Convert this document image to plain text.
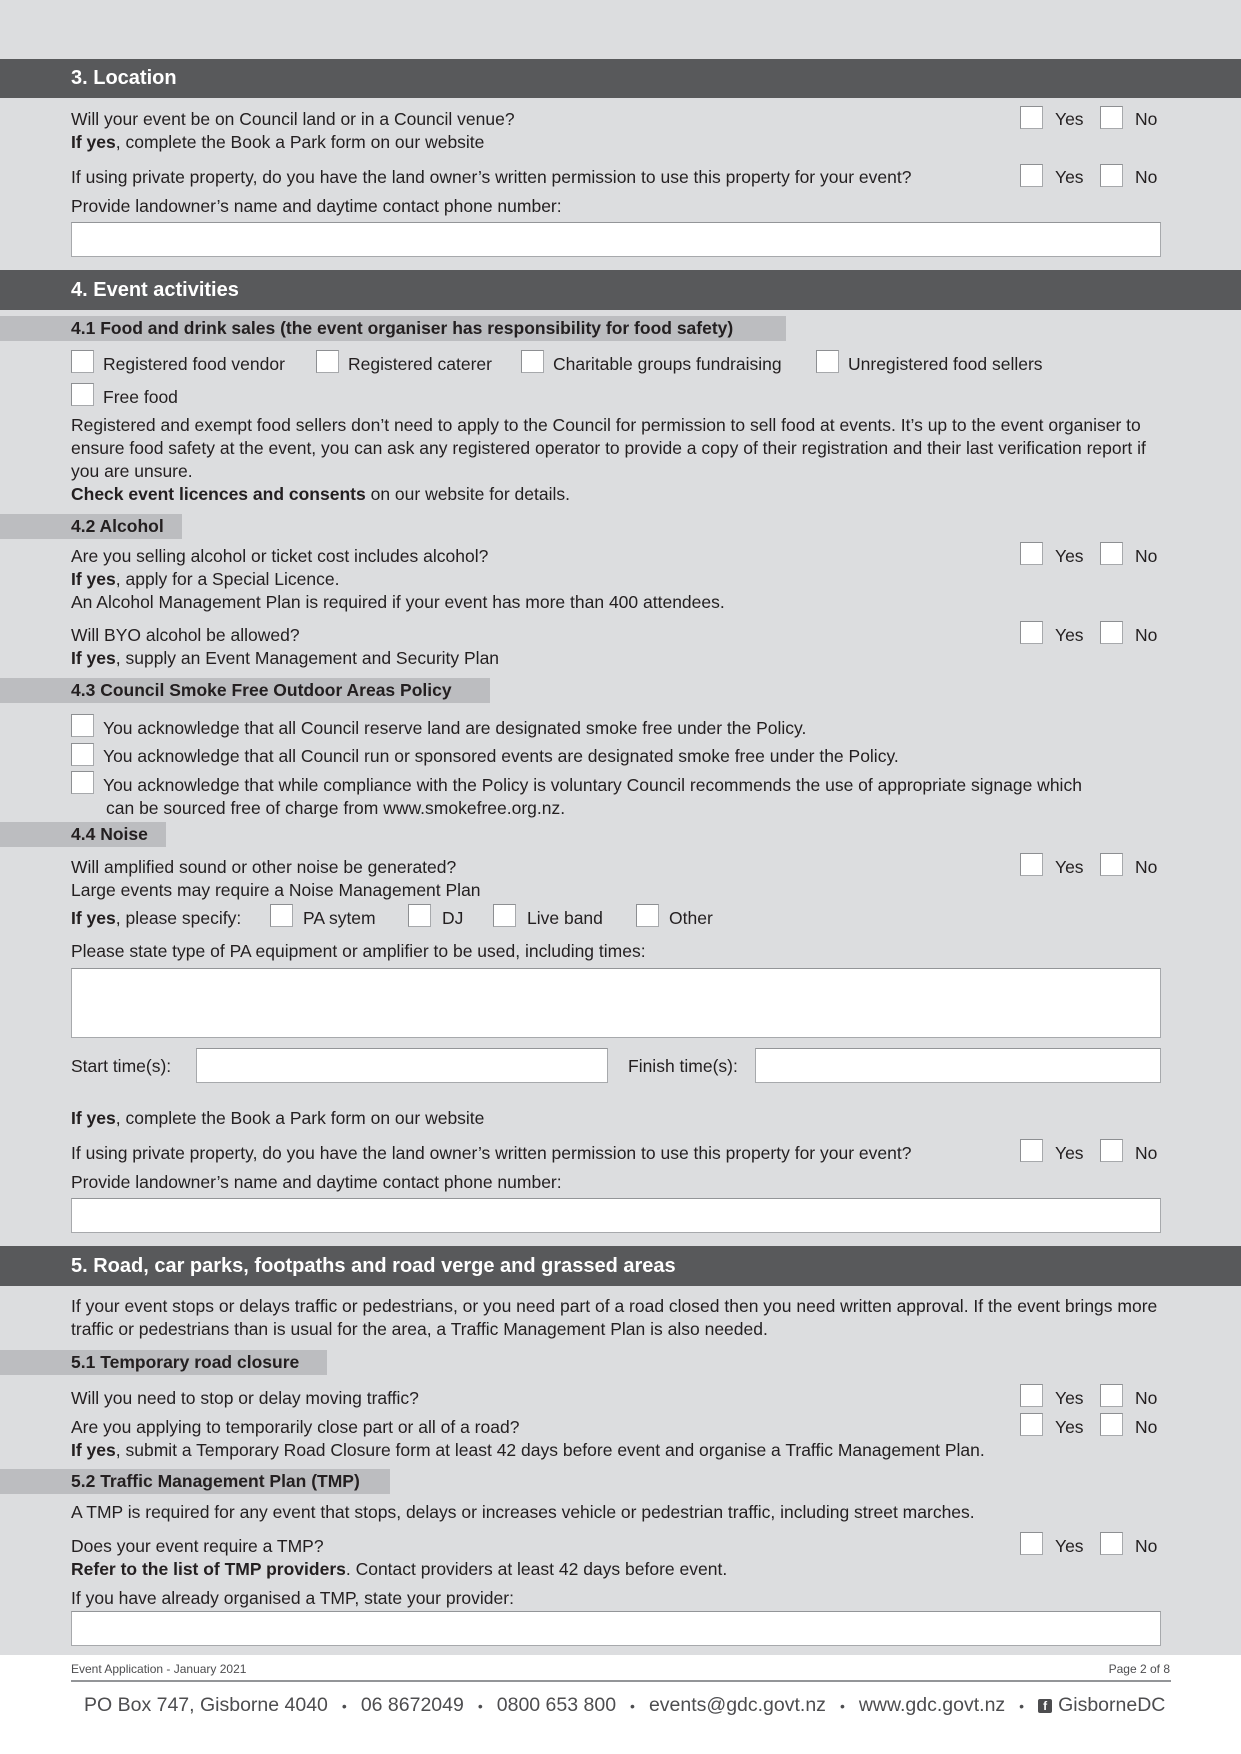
3. Location
Will your event be on Council land or in a Council venue?	Yes	No
If yes, complete the Book a Park form on our website
If using private property, do you have the land owner’s written permission to use this property for your event?	Yes	No
Provide landowner’s name and daytime contact phone number:
4. Event activities
4.1 Food and drink sales (the event organiser has responsibility for food safety)
Registered food vendor	Registered caterer	Charitable groups fundraising	Unregistered food sellers
Free food
Registered and exempt food sellers don’t need to apply to the Council for permission to sell food at events. It’s up to the event organiser to ensure food safety at the event, you can ask any registered operator to provide a copy of their registration and their last verification report if you are unsure.
Check event licences and consents on our website for details.
4.2 Alcohol
Are you selling alcohol or ticket cost includes alcohol?	Yes	No
If yes, apply for a Special Licence.
An Alcohol Management Plan is required if your event has more than 400 attendees.
Will BYO alcohol be allowed?	Yes	No
If yes, supply an Event Management and Security Plan
4.3 Council Smoke Free Outdoor Areas Policy
You acknowledge that all Council reserve land are designated smoke free under the Policy.
You acknowledge that all Council run or sponsored events are designated smoke free under the Policy.
You acknowledge that while compliance with the Policy is voluntary Council recommends the use of appropriate signage which
can be sourced free of charge from www.smokefree.org.nz.
4.4 Noise
Will amplified sound or other noise be generated?	Yes	No
Large events may require a Noise Management Plan
If yes, please specify:	PA sytem	DJ	Live band	Other
Please state type of PA equipment or amplifier to be used, including times:
Start time(s):	Finish time(s):
If yes, complete the Book a Park form on our website
If using private property, do you have the land owner’s written permission to use this property for your event?	Yes	No
Provide landowner’s name and daytime contact phone number:
5. Road, car parks, footpaths and road verge and grassed areas
If your event stops or delays traffic or pedestrians, or you need part of a road closed then you need written approval. If the event brings more traffic or pedestrians than is usual for the area, a Traffic Management Plan is also needed.
5.1 Temporary road closure
Will you need to stop or delay moving traffic?	Yes	No
Are you applying to temporarily close part or all of a road?	Yes	No
If yes, submit a Temporary Road Closure form at least 42 days before event and organise a Traffic Management Plan.
5.2 Traffic Management Plan (TMP)
A TMP is required for any event that stops, delays or increases vehicle or pedestrian traffic, including street marches.
Does your event require a TMP?	Yes	No
Refer to the list of TMP providers. Contact providers at least 42 days before event.
If you have already organised a TMP, state your provider:
Event Application - January 2021	Page 2 of 8
PO Box 747, Gisborne 4040 • 06 8672049 • 0800 653 800 • events@gdc.govt.nz • www.gdc.govt.nz •	f GisborneDC
